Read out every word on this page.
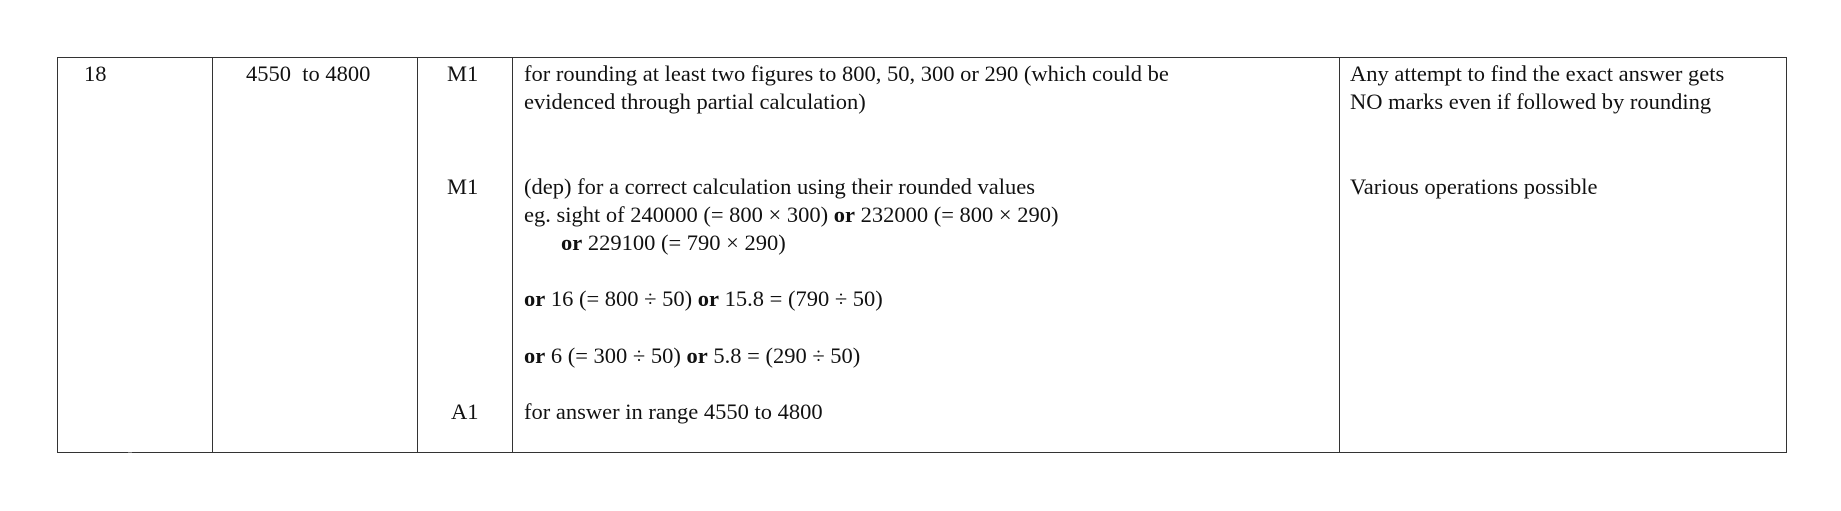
18	4550  to 4800	M1
M1
A1
for rounding at least two figures to 800, 50, 300 or 290 (which could be
evidenced through partial calculation)
(dep) for a correct calculation using their rounded values
eg. sight of 240000 (= 800 × 300) or 232000 (= 800 × 290)
or 229100 (= 790 × 290)
or 16 (= 800 ÷ 50) or 15.8 = (790 ÷ 50)
or 6 (= 300 ÷ 50) or 5.8 = (290 ÷ 50)
for answer in range 4550 to 4800
Any attempt to find the exact answer gets
NO marks even if followed by rounding
Various operations possible
